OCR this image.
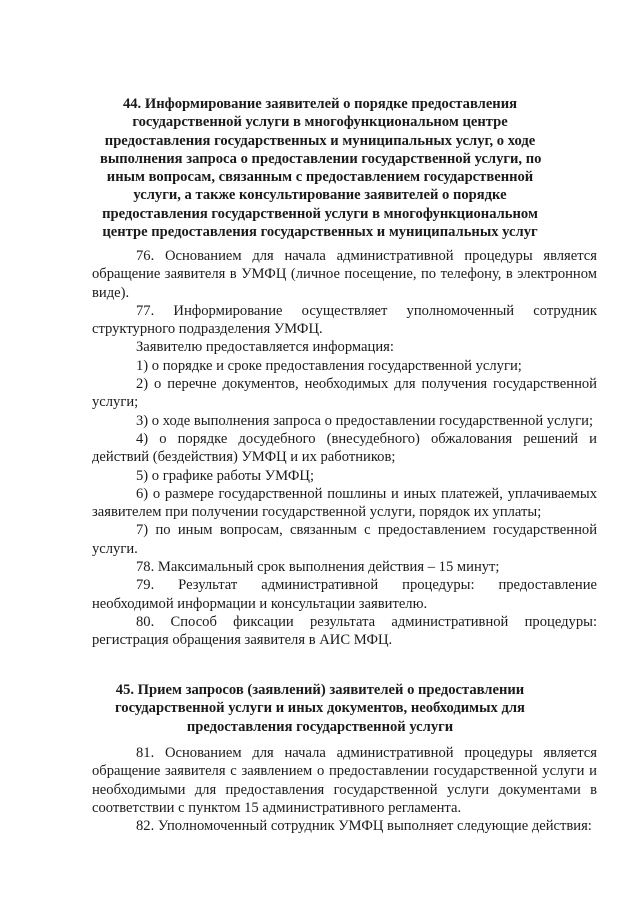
44. Информирование заявителей о порядке предоставления
государственной услуги в многофункциональном центре
предоставления государственных и муниципальных услуг, о ходе
выполнения запроса о предоставлении государственной услуги, по
иным вопросам, связанным с предоставлением государственной
услуги, а также консультирование заявителей о порядке
предоставления государственной услуги в многофункциональном
центре предоставления государственных и муниципальных услуг

76. Основанием для начала административной процедуры является обращение заявителя в УМФЦ (личное посещение, по телефону, в электронном виде).

77. Информирование осуществляет уполномоченный сотрудник структурного подразделения УМФЦ.

Заявителю предоставляется информация:

1) о порядке и сроке предоставления государственной услуги;

2) о перечне документов, необходимых для получения государственной услуги;

3) о ходе выполнения запроса о предоставлении государственной услуги;

4) о порядке досудебного (внесудебного) обжалования решений и действий (бездействия) УМФЦ и их работников;

5) о графике работы УМФЦ;

6) о размере государственной пошлины и иных платежей, уплачиваемых заявителем при получении государственной услуги, порядок их уплаты;

7) по иным вопросам, связанным с предоставлением государственной услуги.

78. Максимальный срок выполнения действия – 15 минут;

79. Результат административной процедуры: предоставление необходимой информации и консультации заявителю.

80. Способ фиксации результата административной процедуры: регистрация обращения заявителя в АИС МФЦ.

45. Прием запросов (заявлений) заявителей о предоставлении
государственной услуги и иных документов, необходимых для
предоставления государственной услуги

81. Основанием для начала административной процедуры является обращение заявителя с заявлением о предоставлении государственной услуги и необходимыми для предоставления государственной услуги документами в соответствии с пунктом 15 административного регламента.

82. Уполномоченный сотрудник УМФЦ выполняет следующие действия:
